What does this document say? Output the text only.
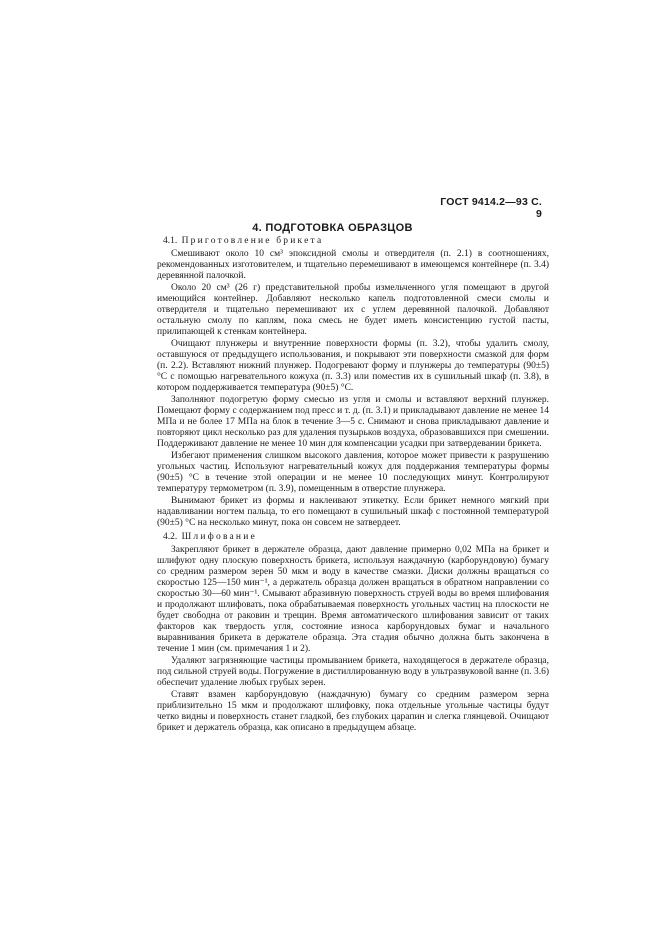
ГОСТ 9414.2—93 С. 9
4. ПОДГОТОВКА ОБРАЗЦОВ
4.1. Приготовление брикета

Смешивают около 10 см³ эпоксидной смолы и отвердителя (п. 2.1) в соотношениях, рекомендованных изготовителем, и тщательно перемешивают в имеющемся контейнере (п. 3.4) деревянной палочкой.

Около 20 см³ (26 г) представительной пробы измельченного угля помещают в другой имеющийся контейнер. Добавляют несколько капель подготовленной смеси смолы и отвердителя и тщательно перемешивают их с углем деревянной палочкой. Добавляют остальную смолу по каплям, пока смесь не будет иметь консистенцию густой пасты, прилипающей к стенкам контейнера.

Очищают плунжеры и внутренние поверхности формы (п. 3.2), чтобы удалить смолу, оставшуюся от предыдущего использования, и покрывают эти поверхности смазкой для форм (п. 2.2). Вставляют нижний плунжер. Подогревают форму и плунжеры до температуры (90±5) °С с помощью нагревательного кожуха (п. 3.3) или поместив их в сушильный шкаф (п. 3.8), в котором поддерживается температура (90±5) °С.

Заполняют подогретую форму смесью из угля и смолы и вставляют верхний плунжер. Помещают форму с содержанием под пресс и т. д. (п. 3.1) и прикладывают давление не менее 14 МПа и не более 17 МПа на блок в течение 3—5 с. Снимают и снова прикладывают давление и повторяют цикл несколько раз для удаления пузырьков воздуха, образовавшихся при смешении. Поддерживают давление не менее 10 мин для компенсации усадки при затвердевании брикета.

Избегают применения слишком высокого давления, которое может привести к разрушению угольных частиц. Используют нагревательный кожух для поддержания температуры формы (90±5) °С в течение этой операции и не менее 10 последующих минут. Контролируют температуру термометром (п. 3.9), помещенным в отверстие плунжера.

Вынимают брикет из формы и наклеивают этикетку. Если брикет немного мягкий при надавливании ногтем пальца, то его помещают в сушильный шкаф с постоянной температурой (90±5) °С на несколько минут, пока он совсем не затвердеет.

4.2. Шлифование

Закрепляют брикет в держателе образца, дают давление примерно 0,02 МПа на брикет и шлифуют одну плоскую поверхность брикета, используя наждачную (карборундовую) бумагу со средним размером зерен 50 мкм и воду в качестве смазки. Диски должны вращаться со скоростью 125—150 мин⁻¹, а держатель образца должен вращаться в обратном направлении со скоростью 30—60 мин⁻¹. Смывают абразивную поверхность струей воды во время шлифования и продолжают шлифовать, пока обрабатываемая поверхность угольных частиц на плоскости не будет свободна от раковин и трещин. Время автоматического шлифования зависит от таких факторов как твердость угля, состояние износа карборундовых бумаг и начального выравнивания брикета в держателе образца. Эта стадия обычно должна быть закончена в течение 1 мин (см. примечания 1 и 2).

Удаляют загрязняющие частицы промыванием брикета, находящегося в держателе образца, под сильной струей воды. Погружение в дистиллированную воду в ультразвуковой ванне (п. 3.6) обеспечит удаление любых грубых зерен.

Ставят взамен карборундовую (наждачную) бумагу со средним размером зерна приблизительно 15 мкм и продолжают шлифовку, пока отдельные угольные частицы будут четко видны и поверхность станет гладкой, без глубоких царапин и слегка глянцевой. Очищают брикет и держатель образца, как описано в предыдущем абзаце.
